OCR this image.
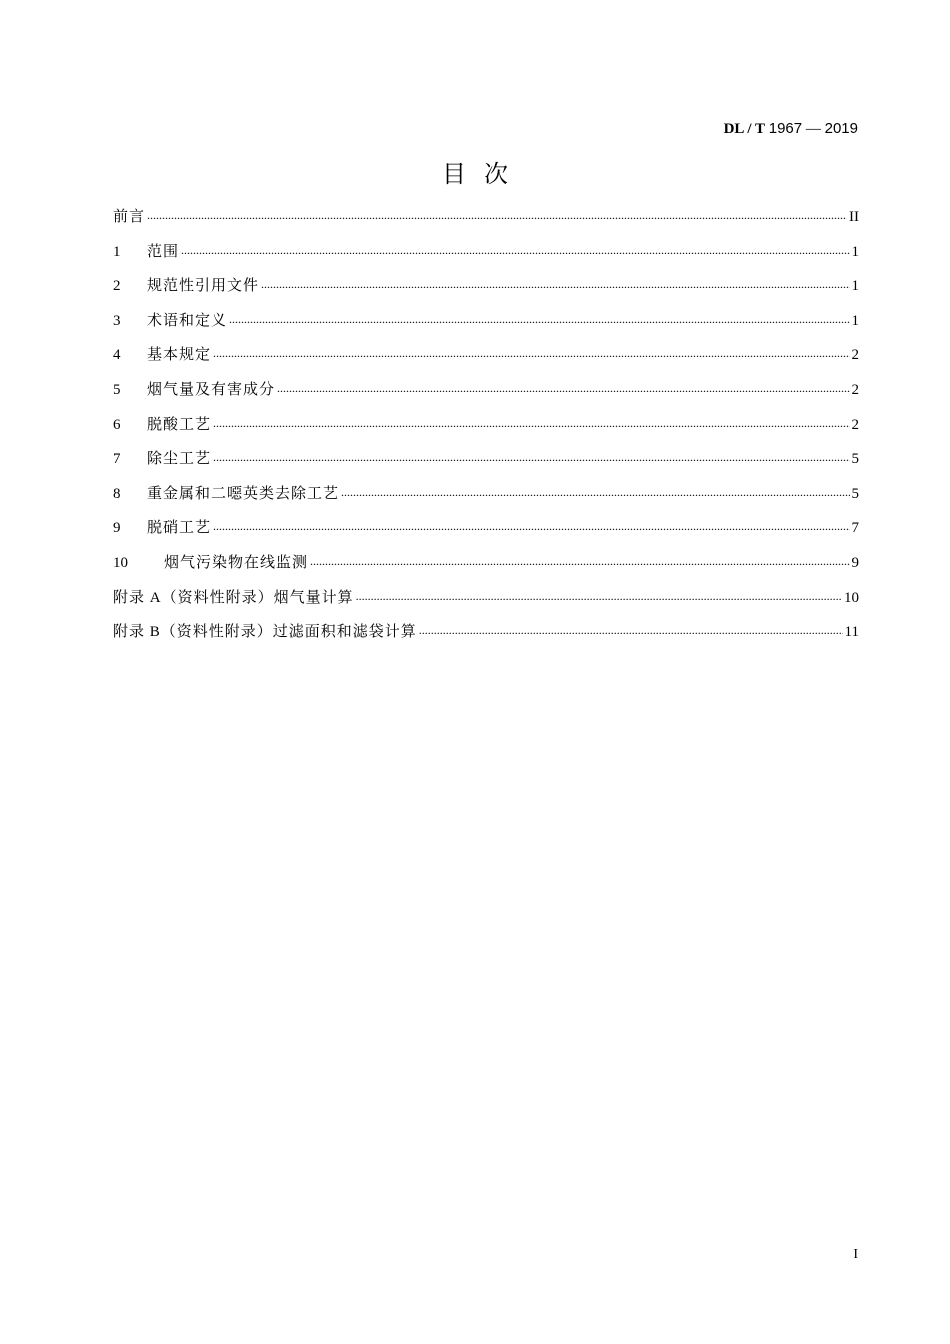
DL / T 1967 — 2019
目次
前言 .....	II
1	范围 .....	1
2	规范性引用文件 .....	1
3	术语和定义 .....	1
4	基本规定 .....	2
5	烟气量及有害成分 .....	2
6	脱酸工艺 .....	2
7	除尘工艺 .....	5
8	重金属和二噁英类去除工艺 .....	5
9	脱硝工艺 .....	7
10	烟气污染物在线监测 .....	9
附录 A（资料性附录）烟气量计算 .....	10
附录 B（资料性附录）过滤面积和滤袋计算 .....	11
I
